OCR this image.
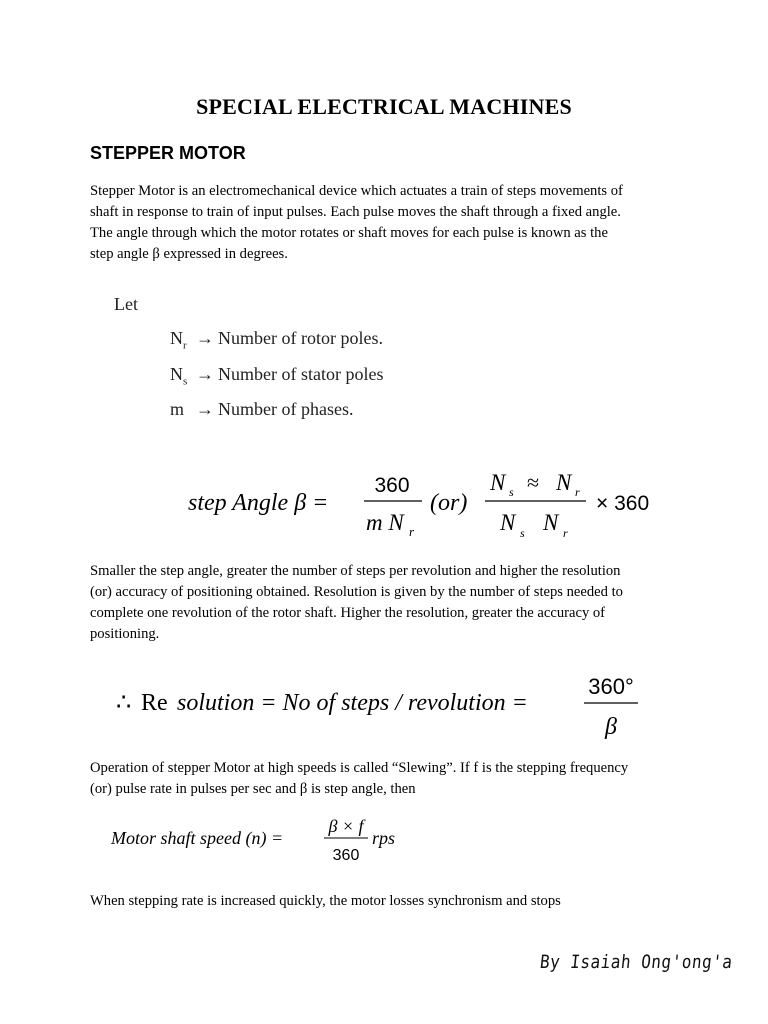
SPECIAL ELECTRICAL MACHINES
STEPPER MOTOR
Stepper Motor is an electromechanical device which actuates a train of steps movements of
shaft in response to train of input pulses. Each pulse moves the shaft through a fixed angle.
The angle through which the motor rotates or shaft moves for each pulse is known as the
step angle β expressed in degrees.
Let
$N_r$ → Number of rotor poles.
$N_s$ → Number of stator poles
m → Number of phases.
step Angle β =
360
m N r
(or)
N s ≈ N r
N s N r
× 360
∴ Re solution = No of steps / revolution =
360°
β
Motor shaft speed (n) =
β × f
360
rps
Smaller the step angle, greater the number of steps per revolution and higher the resolution
(or) accuracy of positioning obtained. Resolution is given by the number of steps needed to
complete one revolution of the rotor shaft. Higher the resolution, greater the accuracy of
positioning.
Operation of stepper Motor at high speeds is called “Slewing”. If f is the stepping frequency
(or) pulse rate in pulses per sec and β is step angle, then
When stepping rate is increased quickly, the motor losses synchronism and stops
By Isaiah Ong'ong'a
